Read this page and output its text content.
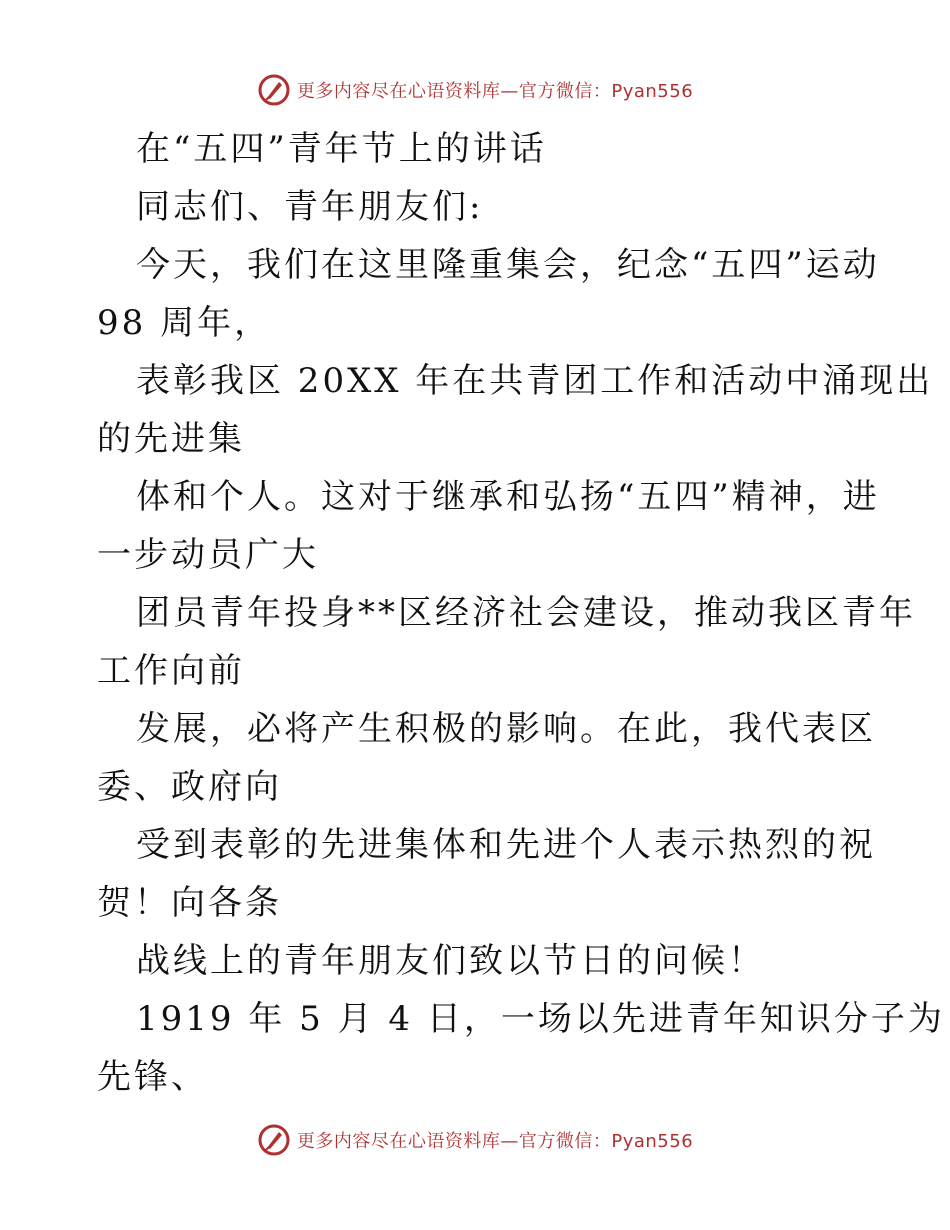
更多内容尽在心语资料库—官方微信：Pyan556
在“五四”青年节上的讲话
同志们、青年朋友们:
今天，我们在这里隆重集会，纪念“五四”运动
98 周年，
表彰我区 20XX 年在共青团工作和活动中涌现出
的先进集
体和个人。这对于继承和弘扬“五四”精神，进
一步动员广大
团员青年投身**区经济社会建设，推动我区青年
工作向前
发展，必将产生积极的影响。在此，我代表区
委、政府向
受到表彰的先进集体和先进个人表示热烈的祝
贺！向各条
战线上的青年朋友们致以节日的问候！
1919 年 5 月 4 日，一场以先进青年知识分子为
先锋、
更多内容尽在心语资料库—官方微信：Pyan556
